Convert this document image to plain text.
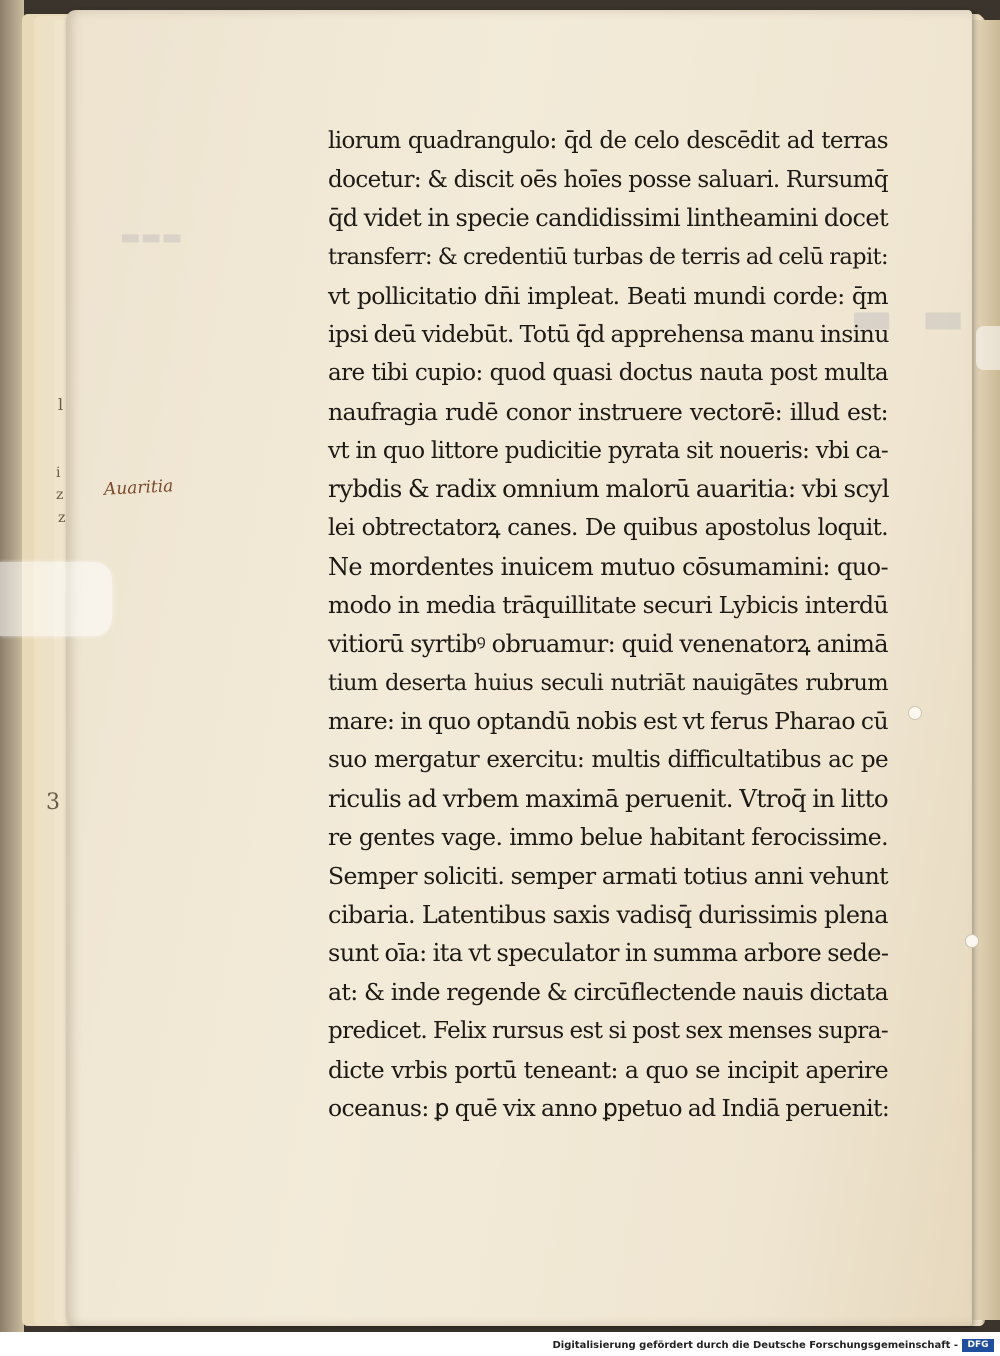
▬ ▬
▬▬▬
liorum quadrangulo: q̄d de celo descēdit ad terras
docetur: & discit oēs hoīes posse saluari. Rursumq̄
q̄d videt in specie candidissimi lintheamini docet
transferr: & credentiū turbas de terris ad celū rapit:
vt pollicitatio dn̄i impleat. Beati mundi corde: q̄m
ipsi deū videbūt. Totū q̄d apprehensa manu insinu
are tibi cupio: quod quasi doctus nauta post multa
naufragia rudē conor instruere vectorē: illud est:
vt in quo littore pudicitie pyrata sit noueris: vbi ca-
rybdis & radix omnium malorū auaritia: vbi scyl
lei obtrectatorꝝ canes. De quibus apostolus loquit.
Ne mordentes inuicem mutuo cōsumamini: quo-
modo in media trāquillitate securi Lybicis interdū
vitiorū syrtibꝰ obruamur: quid venenatorꝝ animā
tium deserta huius seculi nutriāt nauigātes rubrum
mare: in quo optandū nobis est vt ferus Pharao cū
suo mergatur exercitu: multis difficultatibus ac pe
riculis ad vrbem maximā peruenit. Vtroq̄ in litto
re gentes vage. immo belue habitant ferocissime.
Semper soliciti. semper armati totius anni vehunt
cibaria. Latentibus saxis vadisq̄ durissimis plena
sunt oīa: ita vt speculator in summa arbore sede-
at: & inde regende & circūflectende nauis dictata
predicet. Felix rursus est si post sex menses supra-
dicte vrbis portū teneant: a quo se incipit aperire
oceanus: ꝑ quē vix anno ꝑpetuo ad Indiā peruenit:
Auaritia
l
i
z
z
3
Digitalisierung gefördert durch die Deutsche Forschungsgemeinschaft -	DFG
